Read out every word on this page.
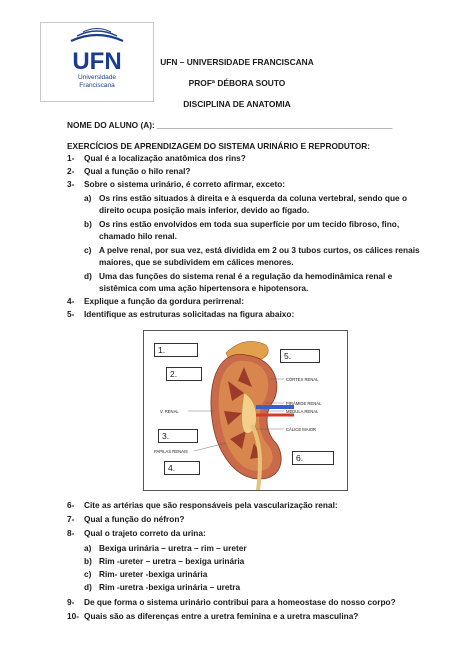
UFN
Universidade
Franciscana
UFN – UNIVERSIDADE FRANCISCANA
PROFª DÉBORA SOUTO
DISCIPLINA DE ANATOMIA
NOME DO ALUNO (A): ___________________________________________________
EXERCÍCIOS DE APRENDIZAGEM DO SISTEMA URINÁRIO E REPRODUTOR:
1- Qual é a localização anatômica dos rins?
2- Qual a função o hilo renal?
3- Sobre o sistema urinário, é correto afirmar, exceto:
a) Os rins estão situados à direita e à esquerda da coluna vertebral, sendo que o
direito ocupa posição mais inferior, devido ao fígado.
b) Os rins estão envolvidos em toda sua superfície por um tecido fibroso, fino,
chamado hilo renal.
c) A pelve renal, por sua vez, está dividida em 2 ou 3 tubos curtos, os cálices renais
maiores, que se subdividem em cálices menores.
d) Uma das funções do sistema renal é a regulação da hemodinâmica renal e
sistêmica com uma ação hipertensora e hipotensora.
4- Explique a função da gordura perirrenal:
1.
2.
3.
4.
5.
6.
CÓRTEX RENAL
PIRÂMIDE RENAL
MEDULA RENAL
CÁLICE MAIOR
V. RENAL
PAPILAS RENAIS
6- Cite as artérias que são responsáveis pela vascularização renal:
7- Qual a função do néfron?
8- Qual o trajeto correto da urina:
a) Bexiga urinária – uretra – rim – ureter
b) Rim -ureter – uretra – bexiga urinária
c) Rim- ureter -bexiga urinária
d) Rim -uretra -bexiga urinária – uretra
9- De que forma o sistema urinário contribui para a homeostase do nosso corpo?
10- Quais são as diferenças entre a uretra feminina e a uretra masculina?
5- Identifique as estruturas solicitadas na figura abaixo:
